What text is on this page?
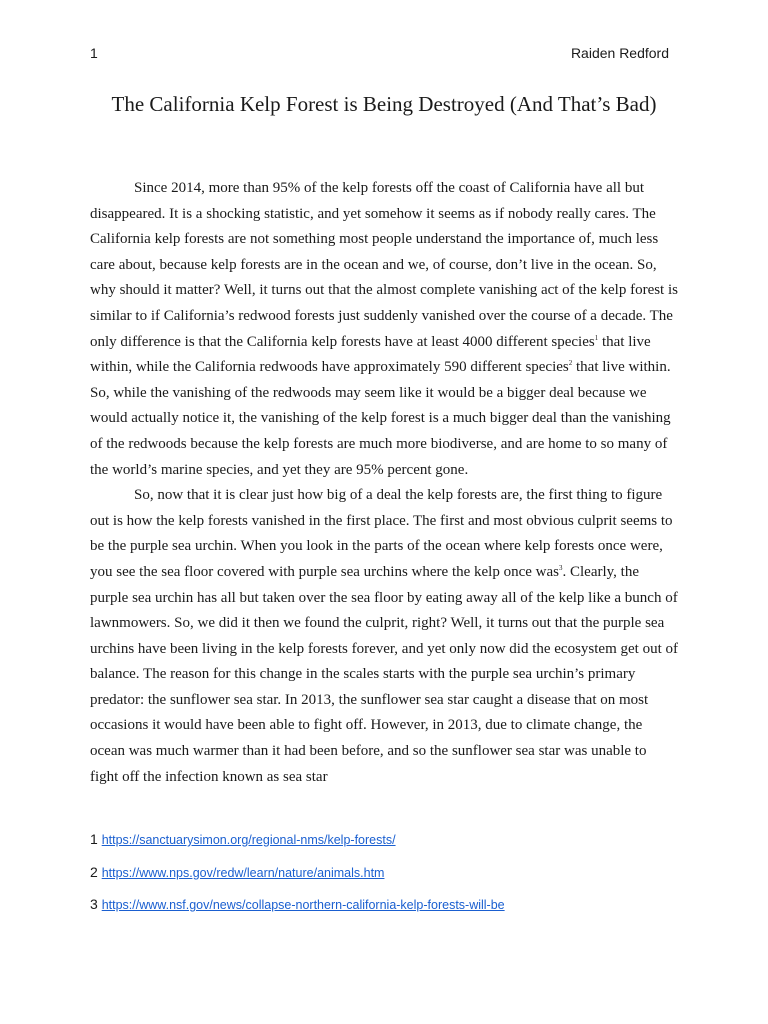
1	Raiden Redford
The California Kelp Forest is Being Destroyed (And That’s Bad)

Since 2014, more than 95% of the kelp forests off the coast of California have all but disappeared. It is a shocking statistic, and yet somehow it seems as if nobody really cares. The California kelp forests are not something most people understand the importance of, much less care about, because kelp forests are in the ocean and we, of course, don’t live in the ocean. So, why should it matter? Well, it turns out that the almost complete vanishing act of the kelp forest is similar to if California’s redwood forests just suddenly vanished over the course of a decade. The only difference is that the California kelp forests have at least 4000 different species$^1$ that live within, while the California redwoods have approximately 590 different species$^2$ that live within. So, while the vanishing of the redwoods may seem like it would be a bigger deal because we would actually notice it, the vanishing of the kelp forest is a much bigger deal than the vanishing of the redwoods because the kelp forests are much more biodiverse, and are home to so many of the world’s marine species, and yet they are 95% percent gone.

So, now that it is clear just how big of a deal the kelp forests are, the first thing to figure out is how the kelp forests vanished in the first place. The first and most obvious culprit seems to be the purple sea urchin. When you look in the parts of the ocean where kelp forests once were, you see the sea floor covered with purple sea urchins where the kelp once was$^3$. Clearly, the purple sea urchin has all but taken over the sea floor by eating away all of the kelp like a bunch of lawnmowers. So, we did it then we found the culprit, right? Well, it turns out that the purple sea urchins have been living in the kelp forests forever, and yet only now did the ecosystem get out of balance. The reason for this change in the scales starts with the purple sea urchin’s primary predator: the sunflower sea star. In 2013, the sunflower sea star caught a disease that on most occasions it would have been able to fight off. However, in 2013, due to climate change, the ocean was much warmer than it had been before, and so the sunflower sea star was unable to fight off the infection known as sea star

1 https://sanctuarysimon.org/regional-nms/kelp-forests/
2 https://www.nps.gov/redw/learn/nature/animals.htm
3 https://www.nsf.gov/news/collapse-northern-california-kelp-forests-will-be
